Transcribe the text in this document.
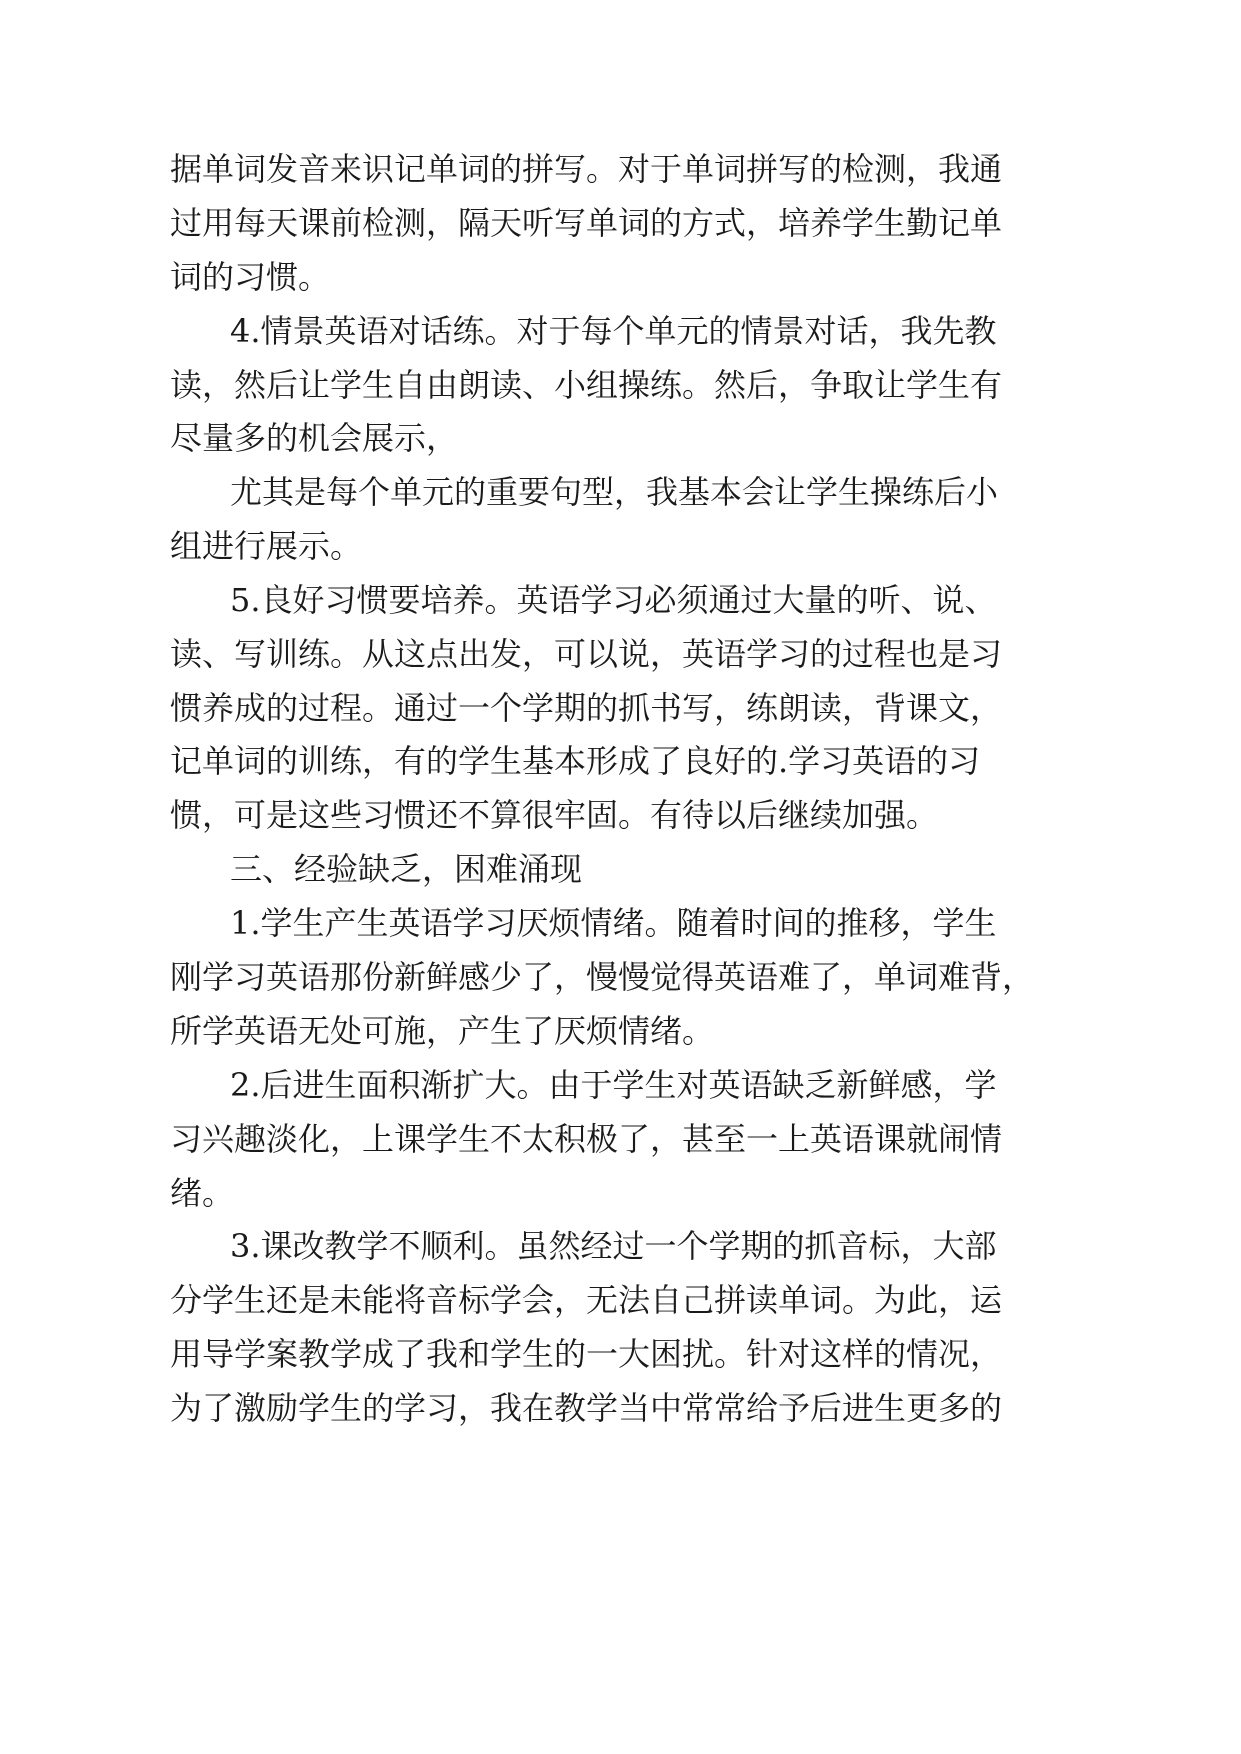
据单词发音来识记单词的拼写。对于单词拼写的检测，我通
过用每天课前检测，隔天听写单词的方式，培养学生勤记单
词的习惯。
4.情景英语对话练。对于每个单元的情景对话，我先教
读，然后让学生自由朗读、小组操练。然后，争取让学生有
尽量多的机会展示，
尤其是每个单元的重要句型，我基本会让学生操练后小
组进行展示。
5.良好习惯要培养。英语学习必须通过大量的听、说、
读、写训练。从这点出发，可以说，英语学习的过程也是习
惯养成的过程。通过一个学期的抓书写，练朗读，背课文，
记单词的训练，有的学生基本形成了良好的.学习英语的习
惯，可是这些习惯还不算很牢固。有待以后继续加强。
三、经验缺乏，困难涌现
1.学生产生英语学习厌烦情绪。随着时间的推移，学生
刚学习英语那份新鲜感少了，慢慢觉得英语难了，单词难背，
所学英语无处可施，产生了厌烦情绪。
2.后进生面积渐扩大。由于学生对英语缺乏新鲜感，学
习兴趣淡化，上课学生不太积极了，甚至一上英语课就闹情
绪。
3.课改教学不顺利。虽然经过一个学期的抓音标，大部
分学生还是未能将音标学会，无法自己拼读单词。为此，运
用导学案教学成了我和学生的一大困扰。针对这样的情况，
为了激励学生的学习，我在教学当中常常给予后进生更多的
